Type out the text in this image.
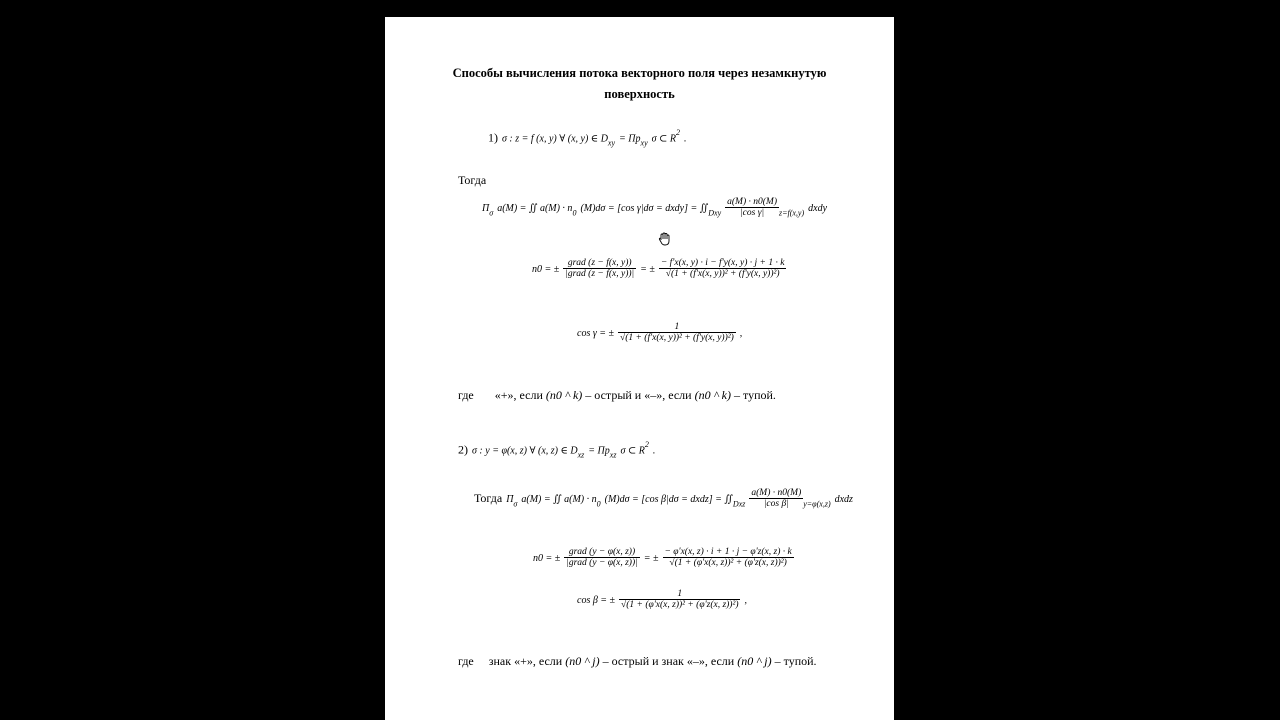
Способы вычисления потока векторного поля через незамкнутую
поверхность
1) σ : z = f (x, y) ∀ (x, y) ∈ $D_{xy} = Пр_{xy}$ σ ⊂ $R^2$ .
Тогда
$П_\sigma$ a(M) = ∬ $a(M) \cdot n_0$ (M)dσ = [cos γ|dσ = dxdy] = $∬_{Dxy} \frac{a(M) \cdot n0(M)}{\text{|cos γ|}} _{z=f(x,y)}$ dxdy
n0 = ± $\frac{\text{grad (z − f(x, y))}}{\text{|grad (z − f(x, y))|}}$ = ± $\frac{- f'x(x, y) \cdot i - f'y(x, y) \cdot j + 1 \cdot k}{\text{√(1 + (f'x(x, y))² + (f'y(x, y))²)}}$
cos γ = ± $\frac{1}{\text{√(1 + (f'x(x, y))² + (f'y(x, y))²)}}$ ,
где «+», если (n0 ^ k) – острый и «–», если (n0 ^ k) – тупой.
2) σ : y = φ(x, z) ∀ (x, z) ∈ $D_{xz} = Пр_{xz}$ σ ⊂ $R^2$ .
Тогда $П_\sigma$ a(M) = ∬ $a(M) \cdot n_0$ (M)dσ = [cos β|dσ = dxdz] = $∬_{Dxz} \frac{a(M) \cdot n0(M)}{\text{|cos β|}} _{y=\varphi(x,z)}$ dxdz
n0 = ± $\frac{\text{grad (y − φ(x, z))}}{\text{|grad (y − φ(x, z))|}}$ = ± $\frac{- \varphi'x(x, z) \cdot i + 1 \cdot j - \varphi'z(x, z) \cdot k}{\text{√(1 + (φ'x(x, z))² + (φ'z(x, z))²)}}$
cos β = ± $\frac{1}{\text{√(1 + (φ'x(x, z))² + (φ'z(x, z))²)}}$ ,
где знак «+», если (n0 ^ j) – острый и знак «–», если (n0 ^ j) – тупой.
